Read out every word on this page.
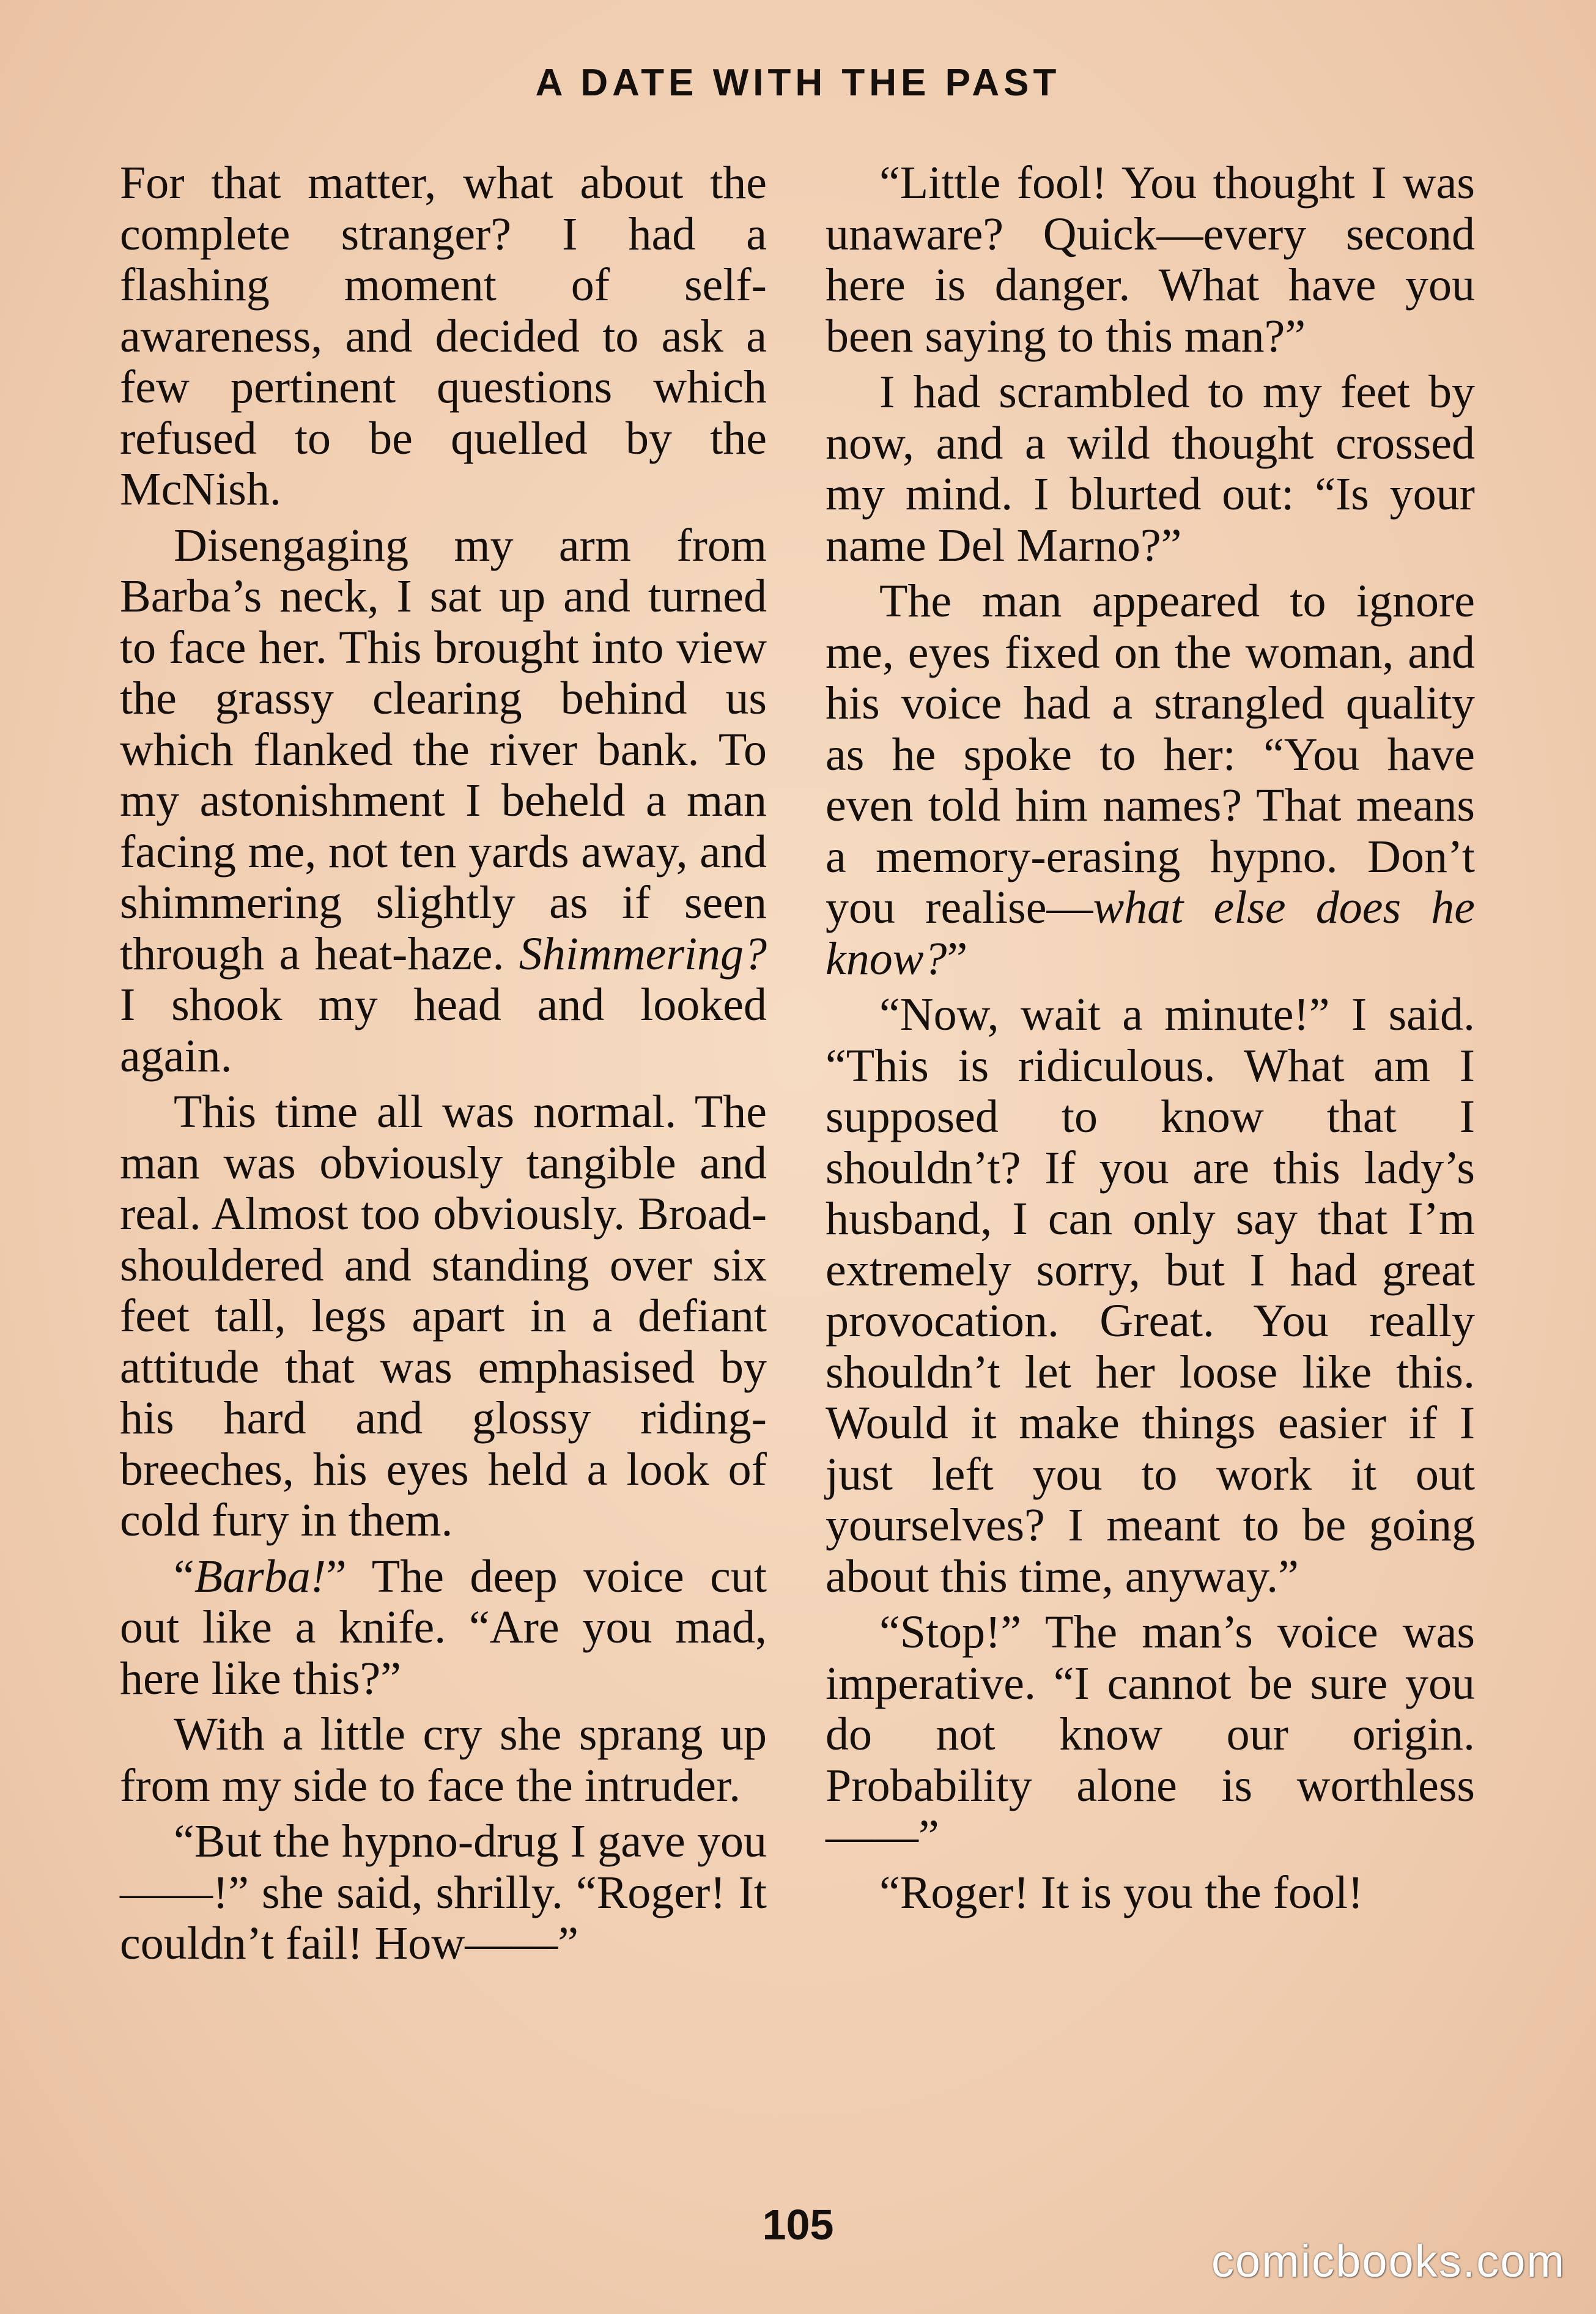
A DATE WITH THE PAST

For that matter, what about the complete stranger? I had a flashing moment of self-awareness, and decided to ask a few pertinent questions which refused to be quelled by the McNish.

Disengaging my arm from Barba’s neck, I sat up and turned to face her. This brought into view the grassy clearing behind us which flanked the river bank. To my astonishment I beheld a man facing me, not ten yards away, and shimmering slightly as if seen through a heat-haze. Shimmering? I shook my head and looked again.

This time all was normal. The man was obviously tangible and real. Almost too obviously. Broad-shouldered and standing over six feet tall, legs apart in a defiant attitude that was emphasised by his hard and glossy riding-breeches, his eyes held a look of cold fury in them.

“Barba!” The deep voice cut out like a knife. “Are you mad, here like this?”

With a little cry she sprang up from my side to face the intruder.

“But the hypno-drug I gave you——!” she said, shrilly. “Roger! It couldn’t fail! How——”

“Little fool! You thought I was unaware? Quick—every second here is danger. What have you been saying to this man?”

I had scrambled to my feet by now, and a wild thought crossed my mind. I blurted out: “Is your name Del Marno?”

The man appeared to ignore me, eyes fixed on the woman, and his voice had a strangled quality as he spoke to her: “You have even told him names? That means a memory-erasing hypno. Don’t you realise—what else does he know?”

“Now, wait a minute!” I said. “This is ridiculous. What am I supposed to know that I shouldn’t? If you are this lady’s husband, I can only say that I’m extremely sorry, but I had great provocation. Great. You really shouldn’t let her loose like this. Would it make things easier if I just left you to work it out yourselves? I meant to be going about this time, anyway.”

“Stop!” The man’s voice was imperative. “I cannot be sure you do not know our origin. Probability alone is worthless——”

“Roger! It is you the fool!

105
comicbooks.com
